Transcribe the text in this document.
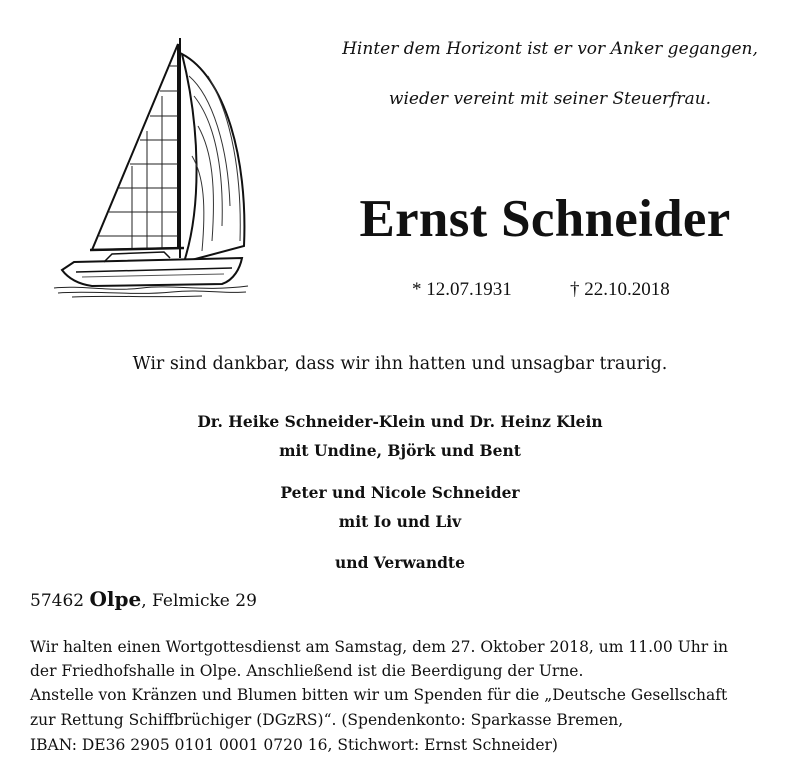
Hinter dem Horizont ist er vor Anker gegangen,
wieder vereint mit seiner Steuerfrau.
Ernst Schneider
* 12.07.1931	† 22.10.2018
Wir sind dankbar, dass wir ihn hatten und unsagbar traurig.
Dr. Heike Schneider-Klein und Dr. Heinz Klein
mit Undine, Björk und Bent
Peter und Nicole Schneider
mit Io und Liv
und Verwandte
57462 Olpe, Felmicke 29
Wir halten einen Wortgottesdienst am Samstag, dem 27. Oktober 2018, um 11.00 Uhr in
der Friedhofshalle in Olpe. Anschließend ist die Beerdigung der Urne.
Anstelle von Kränzen und Blumen bitten wir um Spenden für die „Deutsche Gesellschaft
zur Rettung Schiffbrüchiger (DGzRS)“. (Spendenkonto: Sparkasse Bremen,
IBAN: DE36 2905 0101 0001 0720 16, Stichwort: Ernst Schneider)
